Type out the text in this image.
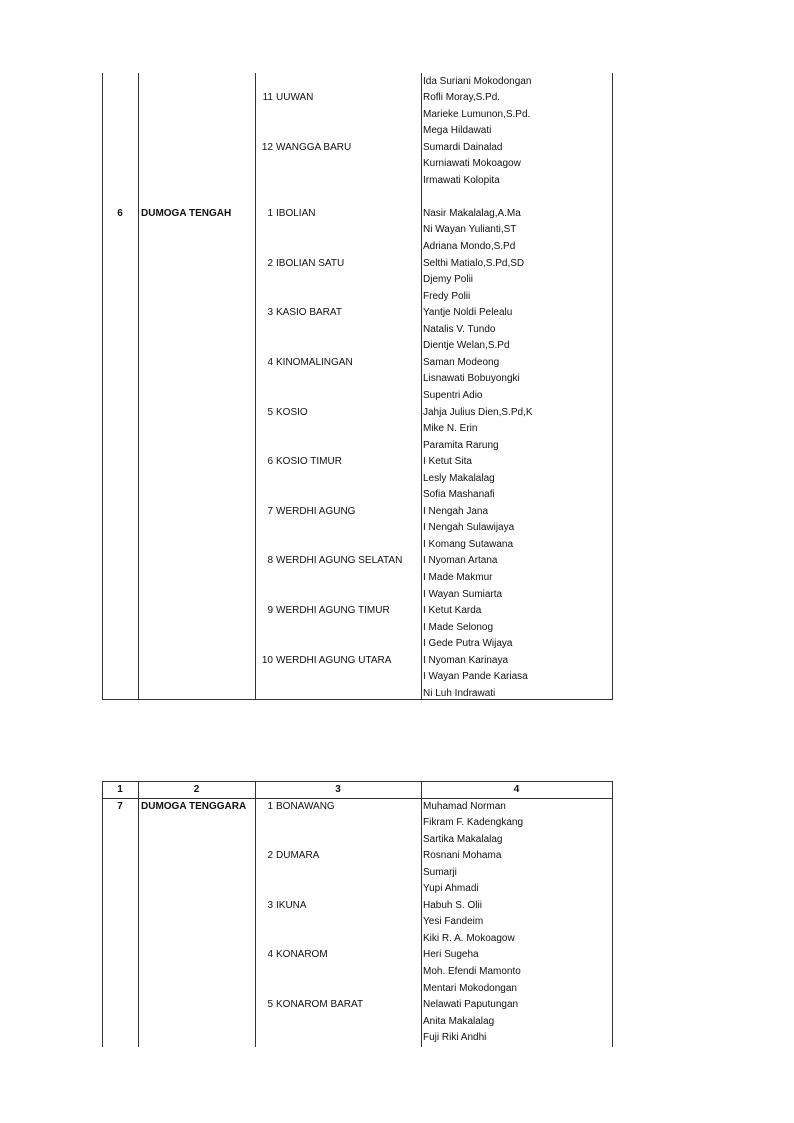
Ida Suriani Mokodongan
11 UUWAN	Rofli Moray,S.Pd.
Marieke Lumunon,S.Pd.
Mega Hildawati
12 WANGGA BARU	Sumardi Dainalad
Kurniawati Mokoagow
Irmawati Kolopita
6	DUMOGA TENGAH	1 IBOLIAN	Nasir Makalalag,A.Ma
Ni Wayan Yulianti,ST
Adriana Mondo,S.Pd
2 IBOLIAN SATU	Selthi Matialo,S.Pd,SD
Djemy Polii
Fredy Polii
3 KASIO BARAT	Yantje Noldi Pelealu
Natalis V. Tundo
Dientje Welan,S.Pd
4 KINOMALINGAN	Saman Modeong
Lisnawati Bobuyongki
Supentri Adio
5 KOSIO	Jahja Julius Dien,S.Pd,K
Mike N. Erin
Paramita Rarung
6 KOSIO TIMUR	I Ketut Sita
Lesly Makalalag
Sofia Mashanafi
7 WERDHI AGUNG	I Nengah Jana
I Nengah Sulawijaya
I Komang Sutawana
8 WERDHI AGUNG SELATAN	I Nyoman Artana
I Made Makmur
I Wayan Sumiarta
9 WERDHI AGUNG TIMUR	I Ketut Karda
I Made Selonog
I Gede Putra Wijaya
10 WERDHI AGUNG UTARA	I Nyoman Karinaya
I Wayan Pande Kariasa
Ni Luh Indrawati
1	2	3	4
7	DUMOGA TENGGARA	1 BONAWANG	Muhamad Norman
Fikram F. Kadengkang
Sartika Makalalag
2 DUMARA	Rosnani Mohama
Sumarji
Yupi Ahmadi
3 IKUNA	Habuh S. Olii
Yesi Fandeim
Kiki R. A. Mokoagow
4 KONAROM	Heri Sugeha
Moh. Efendi Mamonto
Mentari Mokodongan
5 KONAROM BARAT	Nelawati Paputungan
Anita Makalalag
Fuji Riki Andhi
